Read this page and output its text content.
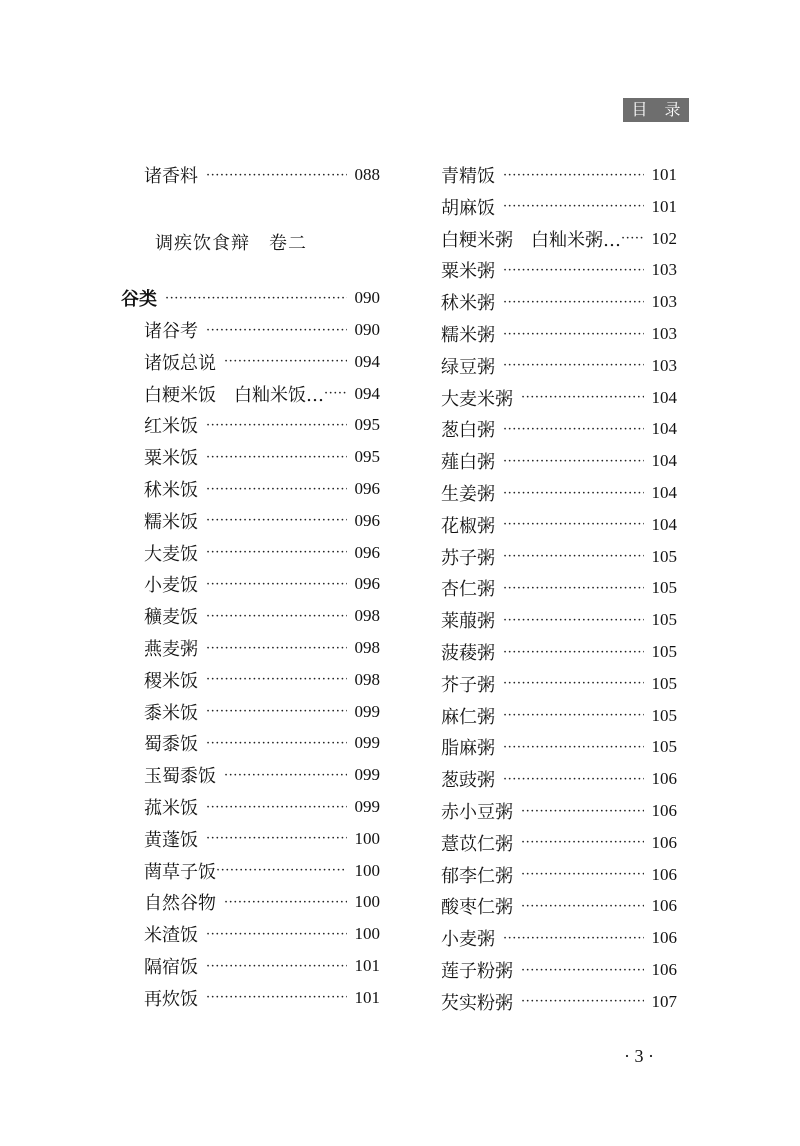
目 录
诸香料 ·····	088
调疾饮食辩　卷二
谷类 ·····	090
诸谷考 ·····	090
诸饭总说 ·····	094
白粳米饭　白籼米饭… ····· 094
红米饭 ·····	095
粟米饭 ·····	095
秫米饭 ·····	096
糯米饭 ·····	096
大麦饭 ·····	096
小麦饭 ·····	096
穬麦饭 ·····	098
燕麦粥 ·····	098
稷米饭 ·····	098
黍米饭 ·····	099
蜀黍饭 ·····	099
玉蜀黍饭 ·····	099
菰米饭 ·····	099
黄蓬饭 ·····	100
菵草子饭 ·····	100
自然谷物 ·····	100
米渣饭 ·····	100
隔宿饭 ·····	101
再炊饭 ·····	101
青精饭 ·····	101
胡麻饭 ·····	101
白粳米粥　白籼米粥… ····· 102
粟米粥 ·····	103
秫米粥 ·····	103
糯米粥 ·····	103
绿豆粥 ·····	103
大麦米粥 ·····	104
葱白粥 ·····	104
薤白粥 ·····	104
生姜粥 ·····	104
花椒粥 ·····	104
苏子粥 ·····	105
杏仁粥 ·····	105
莱菔粥 ·····	105
菠薐粥 ·····	105
芥子粥 ·····	105
麻仁粥 ·····	105
脂麻粥 ·····	105
葱豉粥 ·····	106
赤小豆粥 ·····	106
薏苡仁粥 ·····	106
郁李仁粥 ·····	106
酸枣仁粥 ·····	106
小麦粥 ·····	106
莲子粉粥 ·····	106
芡实粉粥 ·····	107
· 3 ·
